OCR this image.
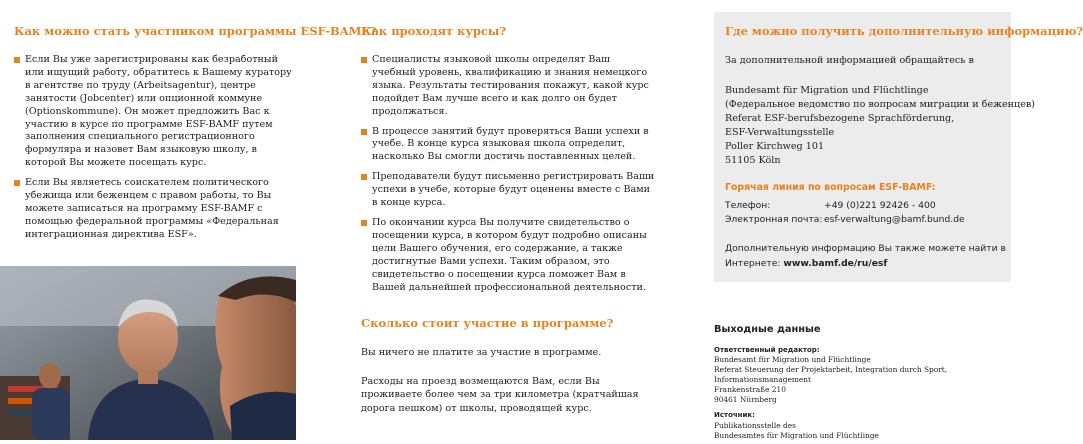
Как можно стать участником программы ESF-BAMF?
Если Вы уже зарегистрированы как безработный или ищущий работу, обратитесь к Вашему куратору в агентстве по труду (Arbeitsagentur), центре занятости (Jobcenter) или опционной коммуне (Optionskommune). Он может предложить Вас к участию в курсе по программе ESF-BAMF путем заполнения специального регистрационного формуляра и назовет Вам языковую школу, в которой Вы можете посещать курс.
Если Вы являетесь соискателем политического убежища или беженцем с правом работы, то Вы можете записаться на программу ESF-BAMF с помощью федеральной программы «Федеральная интеграционная директива ESF».
Как проходят курсы?
Специалисты языковой школы определят Ваш учебный уровень, квалификацию и знания немецкого языка. Результаты тестирования покажут, какой курс подойдет Вам лучше всего и как долго он будет продолжаться.
В процессе занятий будут проверяться Ваши успехи в учебе. В конце курса языковая школа определит, насколько Вы смогли достичь поставленных целей.
Преподаватели будут письменно регистрировать Ваши успехи в учебе, которые будут оценены вместе с Вами в конце курса.
По окончании курса Вы получите свидетельство о посещении курса, в котором будут подробно описаны цели Вашего обучения, его содержание, а также достигнутые Вами успехи. Таким образом, это свидетельство о посещении курса поможет Вам в Вашей дальнейшей профессиональной деятельности.
Сколько стоит участие в программе?

Вы ничего не платите за участие в программе.

Расходы на проезд возмещаются Вам, если Вы проживаете более чем за три километра (кратчайшая дорога пешком) от школы, проводящей курс.

Где можно получить дополнительную информацию?

За дополнительной информацией обращайтесь в

Bundesamt für Migration und Flüchtlinge

(Федеральное ведомство по вопросам миграции и беженцев)

Referat ESF-berufsbezogene Sprachförderung,

ESF-Verwaltungsstelle

Poller Kirchweg 101

51105 Köln

Горячая линия по вопросам ESF-BAMF:

Телефон:	+49 (0)221 92426 - 400

Электронная почта:esf-verwaltung@bamf.bund.de

Дополнительную информацию Вы также можете найти в

Интернете: www.bamf.de/ru/esf

Выходные данные

Ответственный редактор:

Bundesamt für Migration und Flüchtlinge

Referat Steuerung der Projektarbeit, Integration durch Sport,

Informationsmanagement

Frankenstraße 210

90461 Nürnberg

Источник:

Publikationsstelle des

Bundesamtes für Migration und Flüchtlinge
